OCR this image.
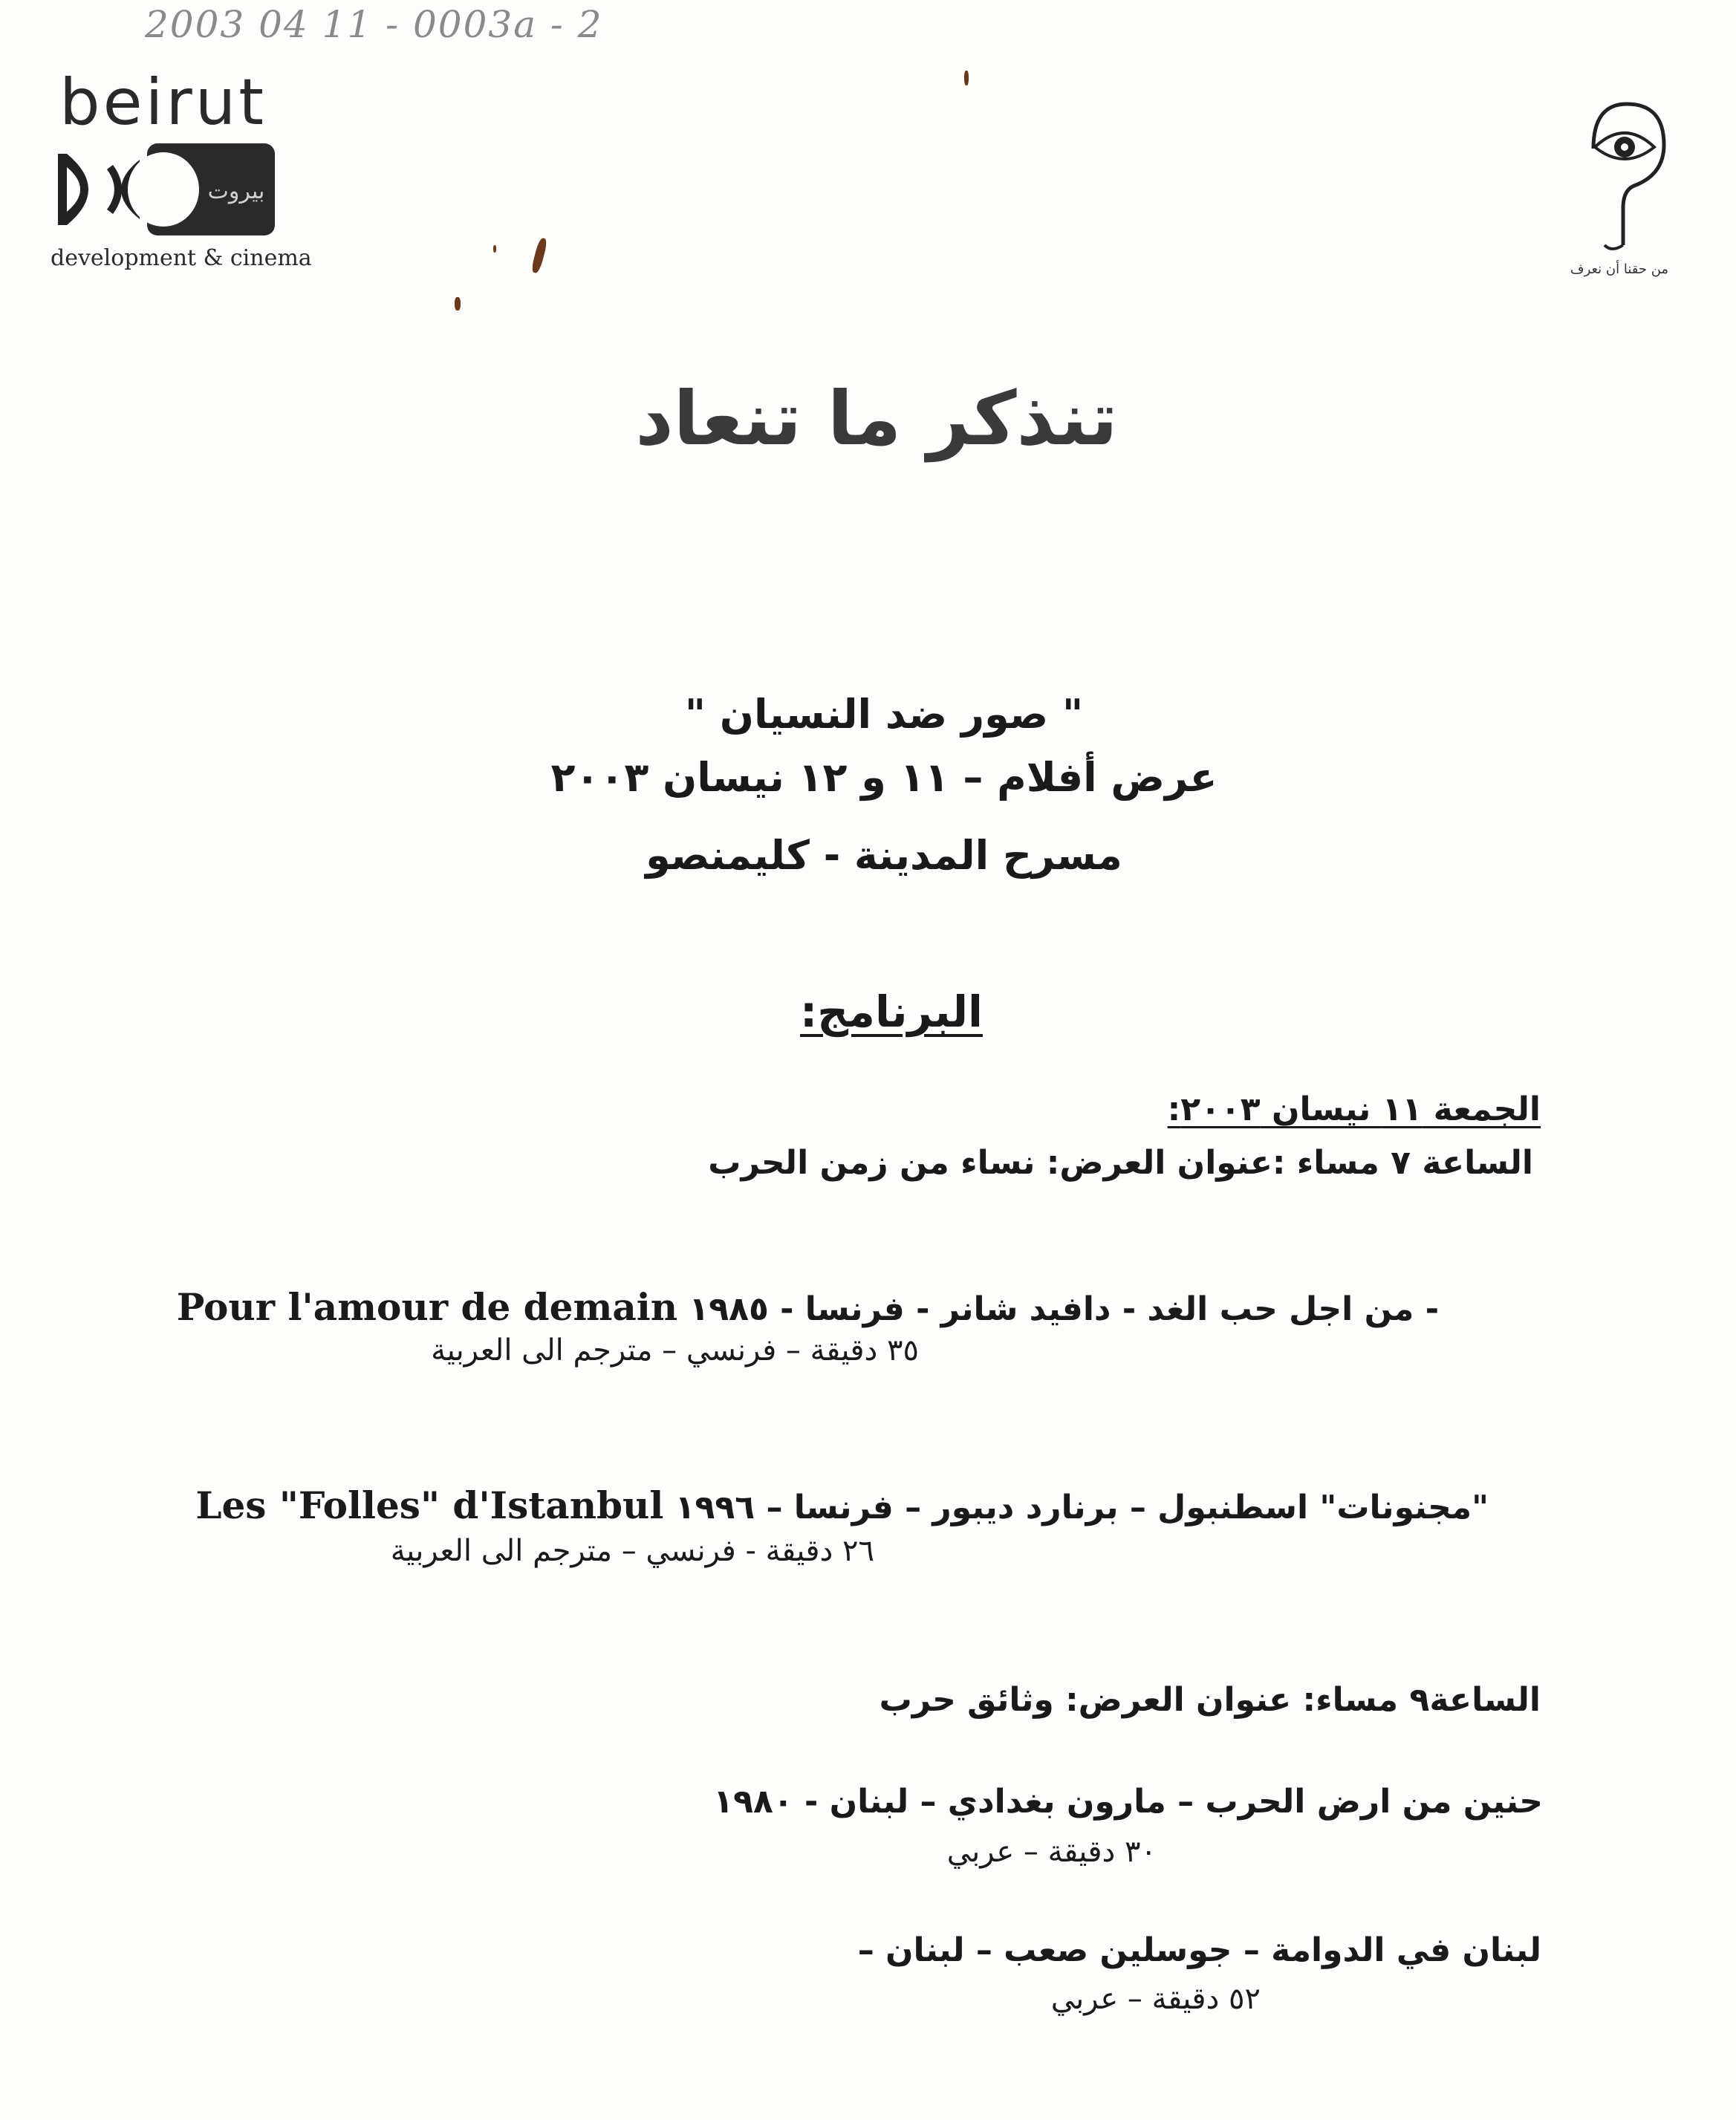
2003 04 11 - 0003a - 2
beirut
بيروت
development & cinema	من حقنا أن نعرف
تنذكر ما تنعاد
" صور ضد النسيان "
عرض أفلام – ١١ و ١٢ نيسان ٢٠٠٣
مسرح المدينة - كليمنصو
البرنامج:
الجمعة ١١ نيسان ٢٠٠٣:
الساعة ٧ مساء :عنوان العرض: نساء من زمن الحرب
- من اجل حب الغد - دافيد شانر - فرنسا - ١٩٨٥ Pour l'amour de demain
٣٥ دقيقة – فرنسي – مترجم الى العربية
"مجنونات" اسطنبول – برنارد ديبور – فرنسا – ١٩٩٦ Les "Folles" d'Istanbul
٢٦ دقيقة - فرنسي – مترجم الى العربية
الساعة٩ مساء: عنوان العرض: وثائق حرب
حنين من ارض الحرب – مارون بغدادي – لبنان - ١٩٨٠
٣٠ دقيقة – عربي
لبنان في الدوامة – جوسلين صعب – لبنان –
٥٢ دقيقة – عربي
